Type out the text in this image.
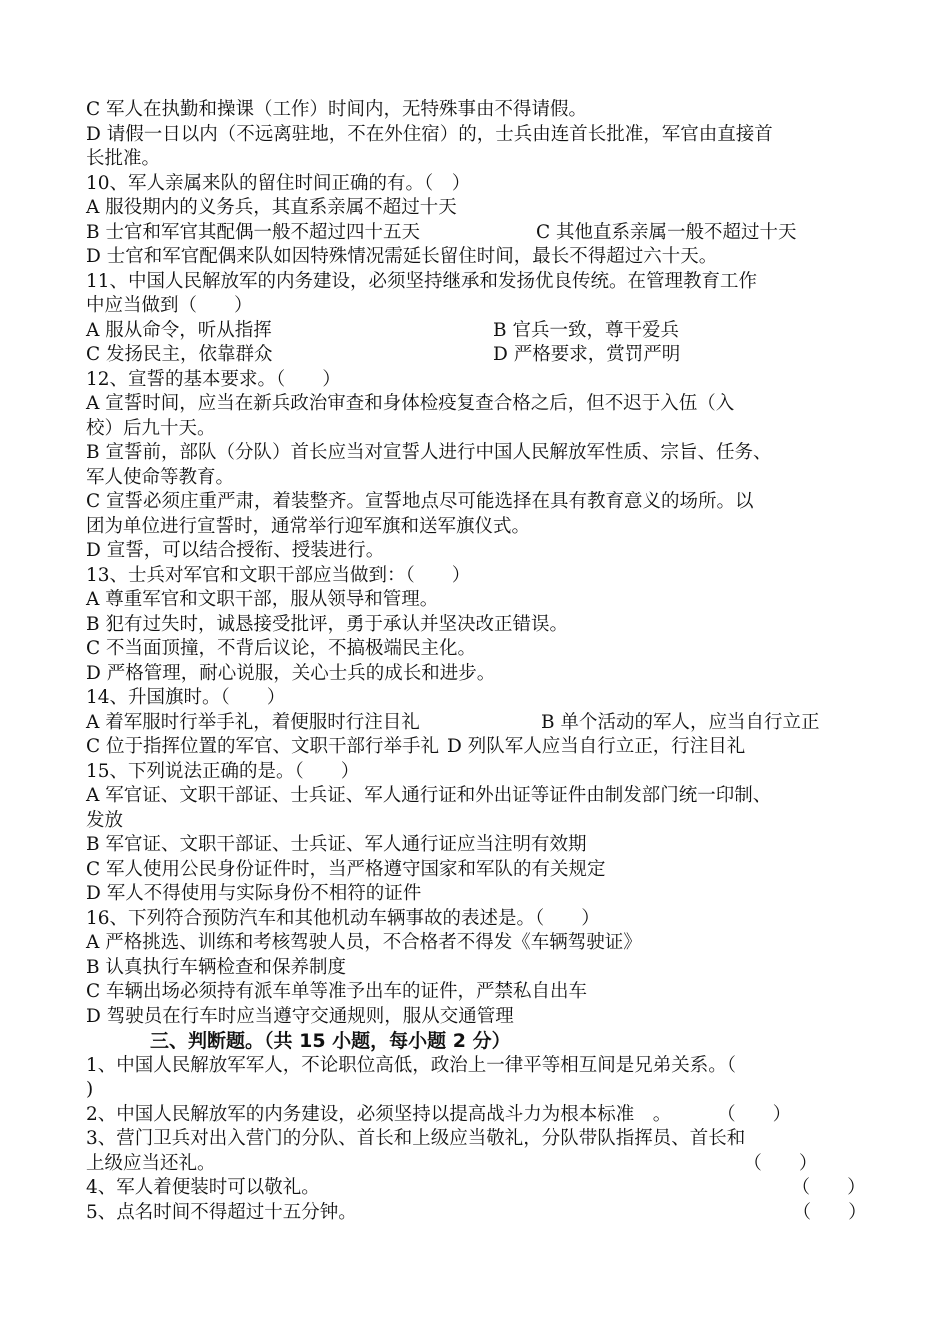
C 军人在执勤和操课（工作）时间内，无特殊事由不得请假。
D 请假一日以内（不远离驻地，不在外住宿）的，士兵由连首长批准，军官由直接首
长批准。
10、军人亲属来队的留住时间正确的有。（　）
A 服役期内的义务兵，其直系亲属不超过十天
B 士官和军官其配偶一般不超过四十五天	C 其他直系亲属一般不超过十天
D 士官和军官配偶来队如因特殊情况需延长留住时间，最长不得超过六十天。
11、中国人民解放军的内务建设，必须坚持继承和发扬优良传统。在管理教育工作
中应当做到（　　）
A 服从命令，听从指挥	B 官兵一致，尊干爱兵
C 发扬民主，依靠群众	D 严格要求，赏罚严明
12、宣誓的基本要求。（　　）
A 宣誓时间，应当在新兵政治审查和身体检疫复查合格之后，但不迟于入伍（入
校）后九十天。
B 宣誓前，部队（分队）首长应当对宣誓人进行中国人民解放军性质、宗旨、任务、
军人使命等教育。
C 宣誓必须庄重严肃，着装整齐。宣誓地点尽可能选择在具有教育意义的场所。以
团为单位进行宣誓时，通常举行迎军旗和送军旗仪式。
D 宣誓，可以结合授衔、授装进行。
13、士兵对军官和文职干部应当做到：（　　）
A 尊重军官和文职干部，服从领导和管理。
B 犯有过失时，诚恳接受批评，勇于承认并坚决改正错误。
C 不当面顶撞，不背后议论，不搞极端民主化。
D 严格管理，耐心说服，关心士兵的成长和进步。
14、升国旗时。（　　）
A 着军服时行举手礼，着便服时行注目礼	B 单个活动的军人，应当自行立正
C 位于指挥位置的军官、文职干部行举手礼 D 列队军人应当自行立正，行注目礼
15、下列说法正确的是。（　　）
A 军官证、文职干部证、士兵证、军人通行证和外出证等证件由制发部门统一印制、
发放
B 军官证、文职干部证、士兵证、军人通行证应当注明有效期
C 军人使用公民身份证件时，当严格遵守国家和军队的有关规定
D 军人不得使用与实际身份不相符的证件
16、下列符合预防汽车和其他机动车辆事故的表述是。（　　）
A 严格挑选、训练和考核驾驶人员，不合格者不得发《车辆驾驶证》
B 认真执行车辆检查和保养制度
C 车辆出场必须持有派车单等准予出车的证件，严禁私自出车
D 驾驶员在行车时应当遵守交通规则，服从交通管理
三、判断题。（共 15 小题，每小题 2 分）
1、中国人民解放军军人，不论职位高低，政治上一律平等相互间是兄弟关系。（
)
2、中国人民解放军的内务建设，必须坚持以提高战斗力为根本标准　。 （　　）
3、营门卫兵对出入营门的分队、首长和上级应当敬礼，分队带队指挥员、首长和
上级应当还礼。	（　　）
4、军人着便装时可以敬礼。	（　　）
5、点名时间不得超过十五分钟。	（　　）
